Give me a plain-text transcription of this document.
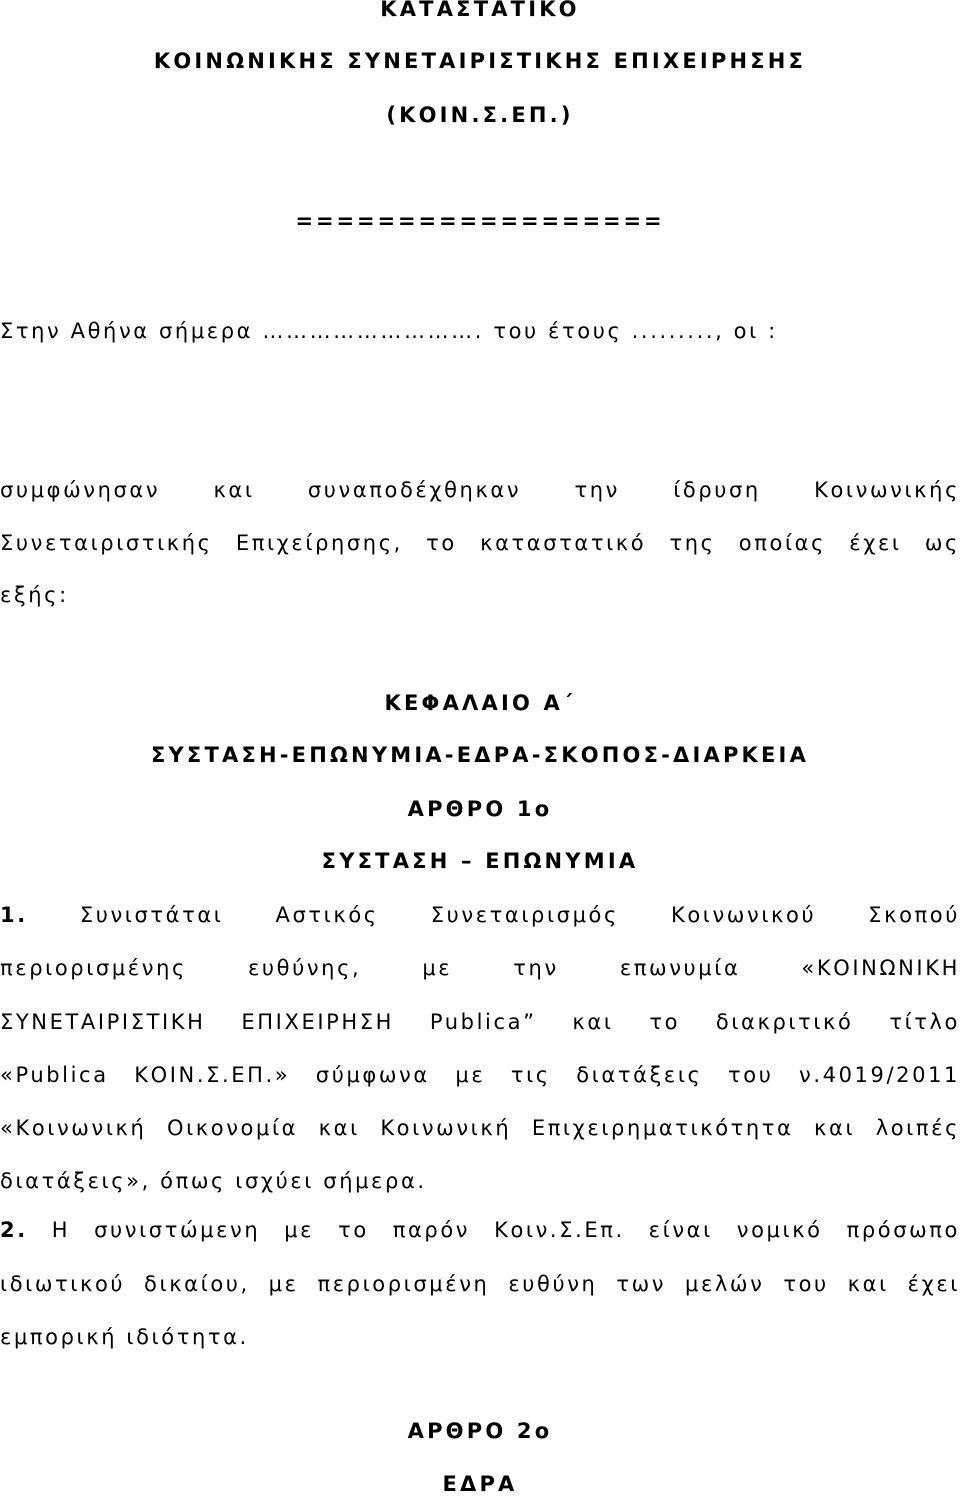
ΚΑΤΑΣΤΑΤΙΚΟ
ΚΟΙΝΩΝΙΚΗΣ ΣΥΝΕΤΑΙΡΙΣΤΙΚΗΣ ΕΠΙΧΕΙΡΗΣΗΣ
(ΚΟΙΝ.Σ.ΕΠ.)
==================
Στην Αθήνα σήμερα ………………………. του έτους ........., οι :
συμφώνησαν και συναποδέχθηκαν την ίδρυση Κοινωνικής
Συνεταιριστικής Επιχείρησης, το καταστατικό της οποίας έχει ως
εξής:
ΚΕΦΑΛΑΙΟ Α΄
ΣΥΣΤΑΣΗ-ΕΠΩΝΥΜΙΑ-ΕΔΡΑ-ΣΚΟΠΟΣ-ΔΙΑΡΚΕΙΑ
ΑΡΘΡΟ 1ο
ΣΥΣΤΑΣΗ – ΕΠΩΝΥΜΙΑ
1. Συνιστάται Αστικός Συνεταιρισμός Κοινωνικού Σκοπού
περιορισμένης ευθύνης, με την επωνυμία «ΚΟΙΝΩΝΙΚΗ
ΣΥΝΕΤΑΙΡΙΣΤΙΚΗ ΕΠΙΧΕΙΡΗΣΗ Publica” και το διακριτικό τίτλο
«Publica ΚΟΙΝ.Σ.ΕΠ.» σύμφωνα με τις διατάξεις του ν.4019/2011
«Κοινωνική Οικονομία και Κοινωνική Επιχειρηματικότητα και λοιπές
διατάξεις», όπως ισχύει σήμερα.
2. Η συνιστώμενη με το παρόν Κοιν.Σ.Επ. είναι νομικό πρόσωπο
ιδιωτικού δικαίου, με περιορισμένη ευθύνη των μελών του και έχει
εμπορική ιδιότητα.
ΑΡΘΡΟ 2ο
ΕΔΡΑ
